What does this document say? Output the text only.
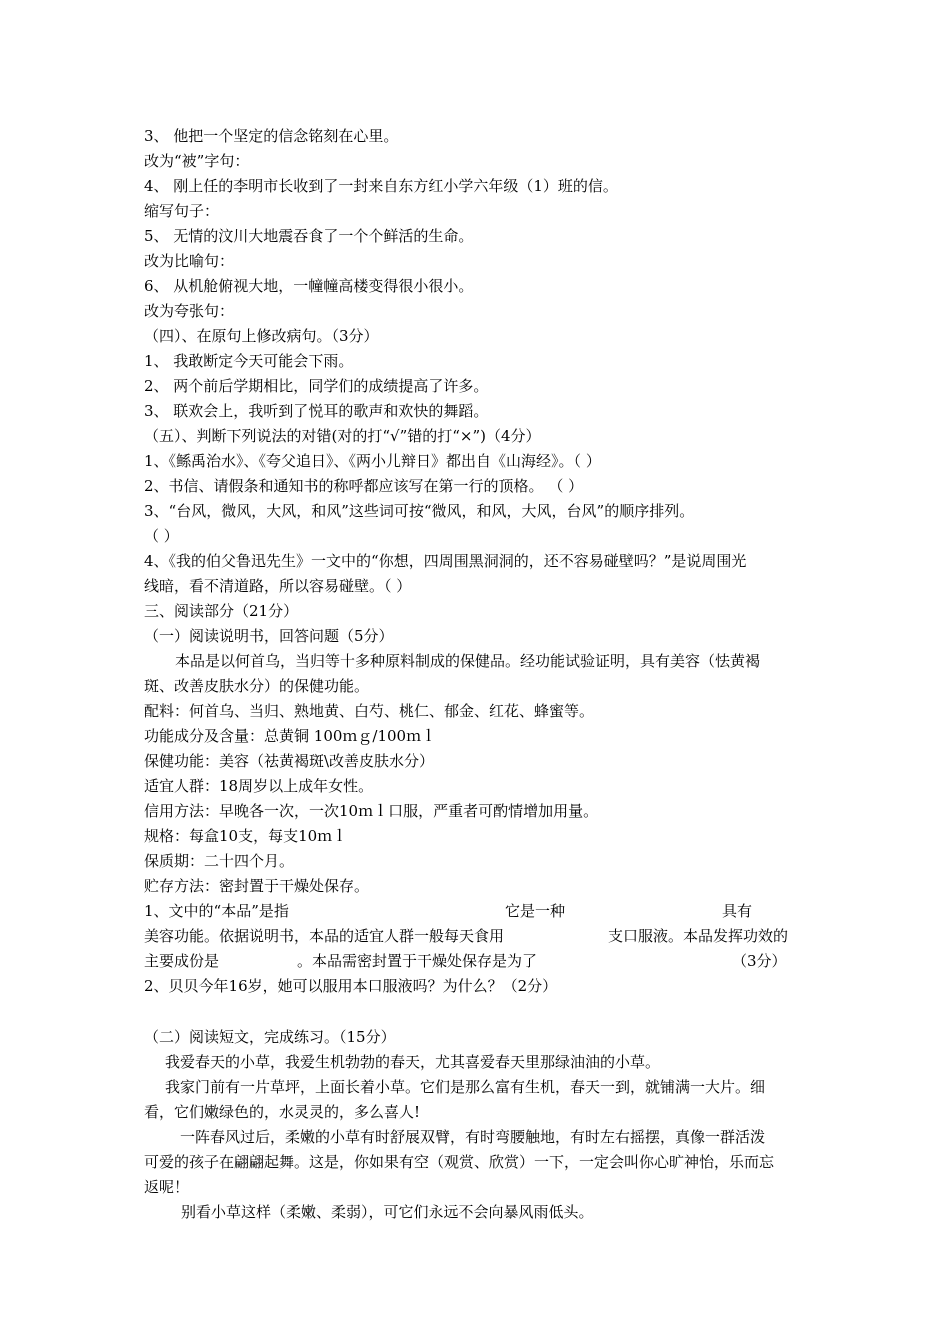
3、 他把一个坚定的信念铭刻在心里。
改为“被”字句：
4、 刚上任的李明市长收到了一封来自东方红小学六年级（1）班的信。
缩写句子：
5、 无情的汶川大地震吞食了一个个鲜活的生命。
改为比喻句：
6、 从机舱俯视大地，一幢幢高楼变得很小很小。
改为夸张句：
（四）、在原句上修改病句。（3分）
1、 我敢断定今天可能会下雨。
2、 两个前后学期相比，同学们的成绩提高了许多。
3、 联欢会上，我听到了悦耳的歌声和欢快的舞蹈。
（五）、判断下列说法的对错(对的打“√”错的打“×”)（4分）
1、《鲧禹治水》、《夸父追日》、《两小儿辩日》都出自《山海经》。（ ）
2、书信、请假条和通知书的称呼都应该写在第一行的顶格。 （ ）
3、“台风，微风，大风，和风”这些词可按“微风，和风，大风，台风”的顺序排列。
（ ）
4、《我的伯父鲁迅先生》一文中的“你想，四周围黑洞洞的，还不容易碰壁吗？”是说周围光
线暗，看不清道路，所以容易碰壁。（ ）
三、阅读部分（21分）
（一）阅读说明书，回答问题（5分）
本品是以何首乌，当归等十多种原料制成的保健品。经功能试验证明，具有美容（怯黄褐
斑、改善皮肤水分）的保健功能。
配料：何首乌、当归、熟地黄、白芍、桃仁、郁金、红花、蜂蜜等。
功能成分及含量：总黄铜 100ｍｇ/100ｍｌ
保健功能：美容（祛黄褐斑\改善皮肤水分）
适宜人群：18周岁以上成年女性。
信用方法：早晚各一次，一次10ｍｌ口服，严重者可酌情增加用量。
规格：每盒10支，每支10ｍｌ
保质期：二十四个月。
贮存方法：密封置于干燥处保存。
1、文中的“本品”是指	它是一种	具有
美容功能。依据说明书，本品的适宜人群一般每天食用	支口服液。本品发挥功效的
主要成份是	。本品需密封置于干燥处保存是为了	（3分）
2、贝贝今年16岁，她可以服用本口服液吗？为什么？（2分）
（二）阅读短文，完成练习。（15分）
我爱春天的小草，我爱生机勃勃的春天，尤其喜爱春天里那绿油油的小草。
我家门前有一片草坪，上面长着小草。它们是那么富有生机，春天一到，就铺满一大片。细
看，它们嫩绿色的，水灵灵的，多么喜人!
一阵春风过后，柔嫩的小草有时舒展双臂，有时弯腰触地，有时左右摇摆，真像一群活泼
可爱的孩子在翩翩起舞。这是，你如果有空（观赏、欣赏）一下，一定会叫你心旷神怡，乐而忘
返呢！
别看小草这样（柔嫩、柔弱），可它们永远不会向暴风雨低头。
